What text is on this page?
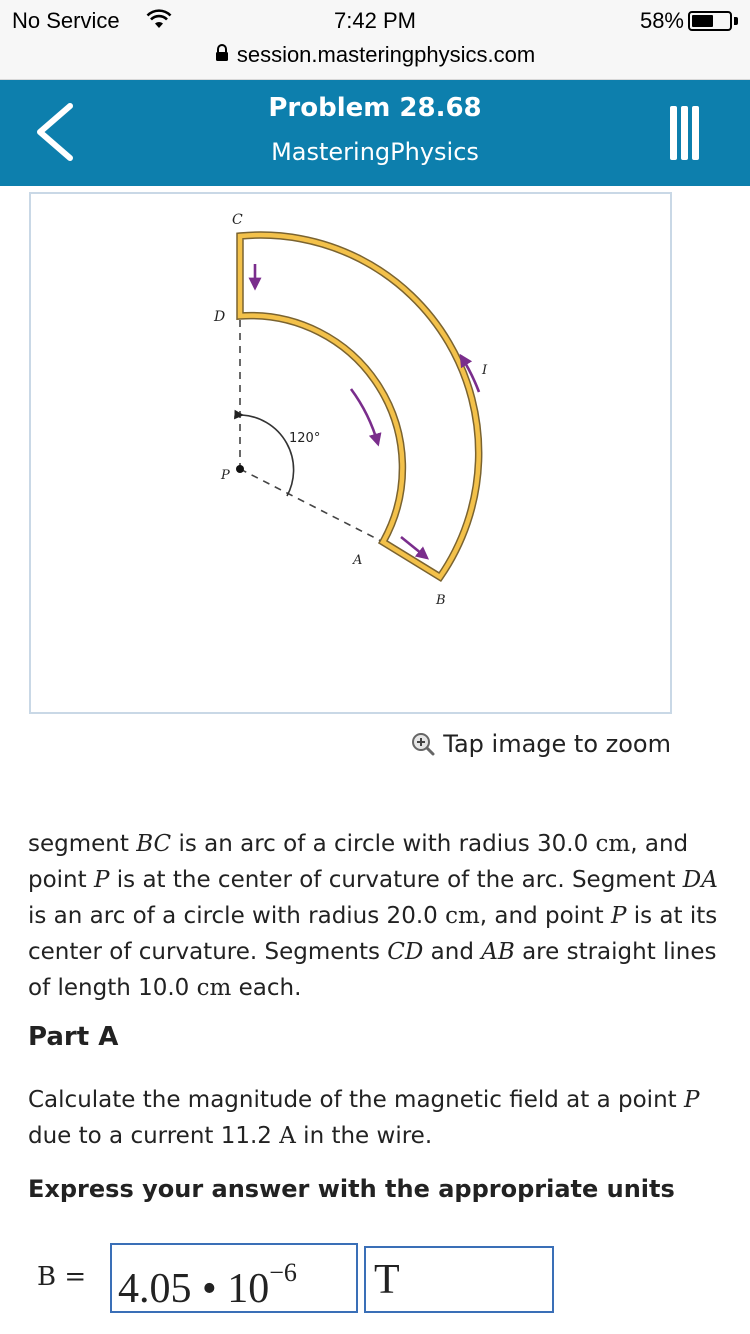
No Service	7:42 PM	58%
session.masteringphysics.com
Problem 28.68
MasteringPhysics
C
D
P
A
B
I
120°
Tap image to zoom
segment BC is an arc of a circle with radius 30.0 cm, and point P is at the center of curvature of the arc. Segment DA is an arc of a circle with radius 20.0 cm, and point P is at its center of curvature. Segments CD and AB are straight lines of length 10.0 cm each.
Part A
Calculate the magnitude of the magnetic field at a point P due to a current 11.2 A in the wire.
Express your answer with the appropriate units
B = 4.05 • $10^{-6}$	T
